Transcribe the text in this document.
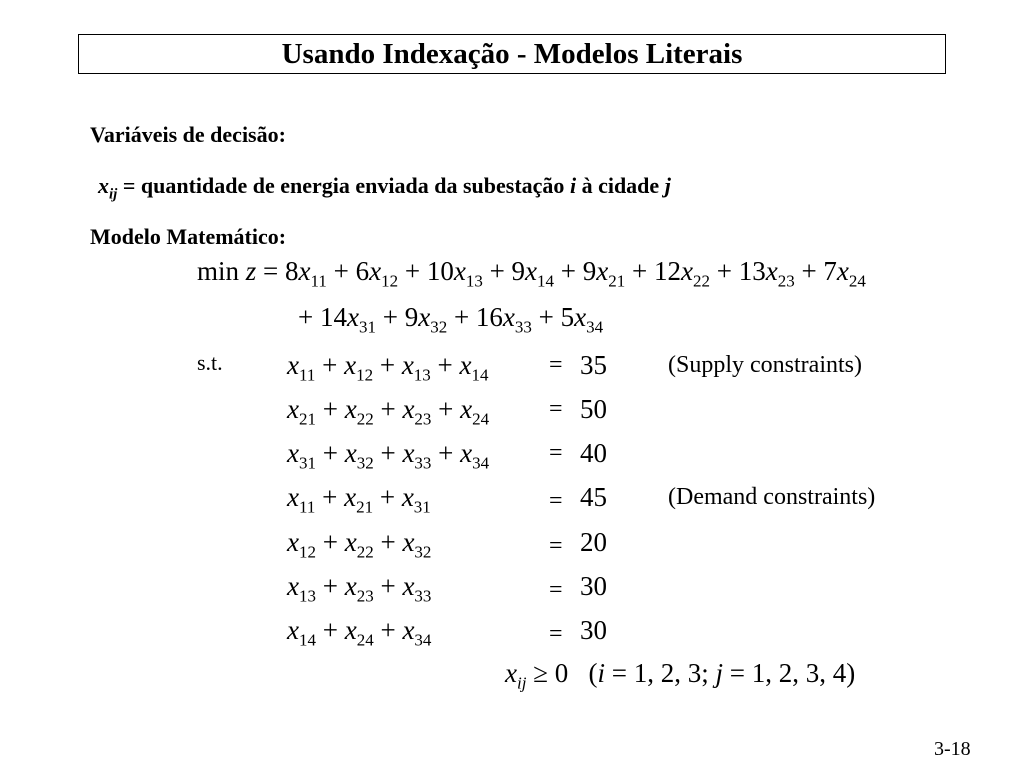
Usando Indexação - Modelos Literais
Variáveis de decisão:
$x_{ij}$ = quantidade de energia enviada da subestação i à cidade j
Modelo Matemático:
$\min z = 8x_{11} + 6x_{12} + 10x_{13} + 9x_{14} + 9x_{21} + 12x_{22} + 13x_{23} + 7x_{24}$
+ $14x_{31} + 9x_{32} + 16x_{33} + 5x_{34}$
s.t. $x_{11} + x_{12} + x_{13} + x_{14}$	= 35	(Supply constraints)
$x_{21} + x_{22} + x_{23} + x_{24} = 50$
$x_{31} + x_{32} + x_{33} + x_{34} = 40$
$x_{11} + x_{21} + x_{31}$	= 45	(Demand constraints)
$x_{12} + x_{22} + x_{32}$	= 20
$x_{13} + x_{23} + x_{33}$	= 30
$x_{14} + x_{24} + x_{34}$	= 30
$x_{ij} \ge 0$   (i = 1, 2, 3; j = 1, 2, 3, 4)
3-18
